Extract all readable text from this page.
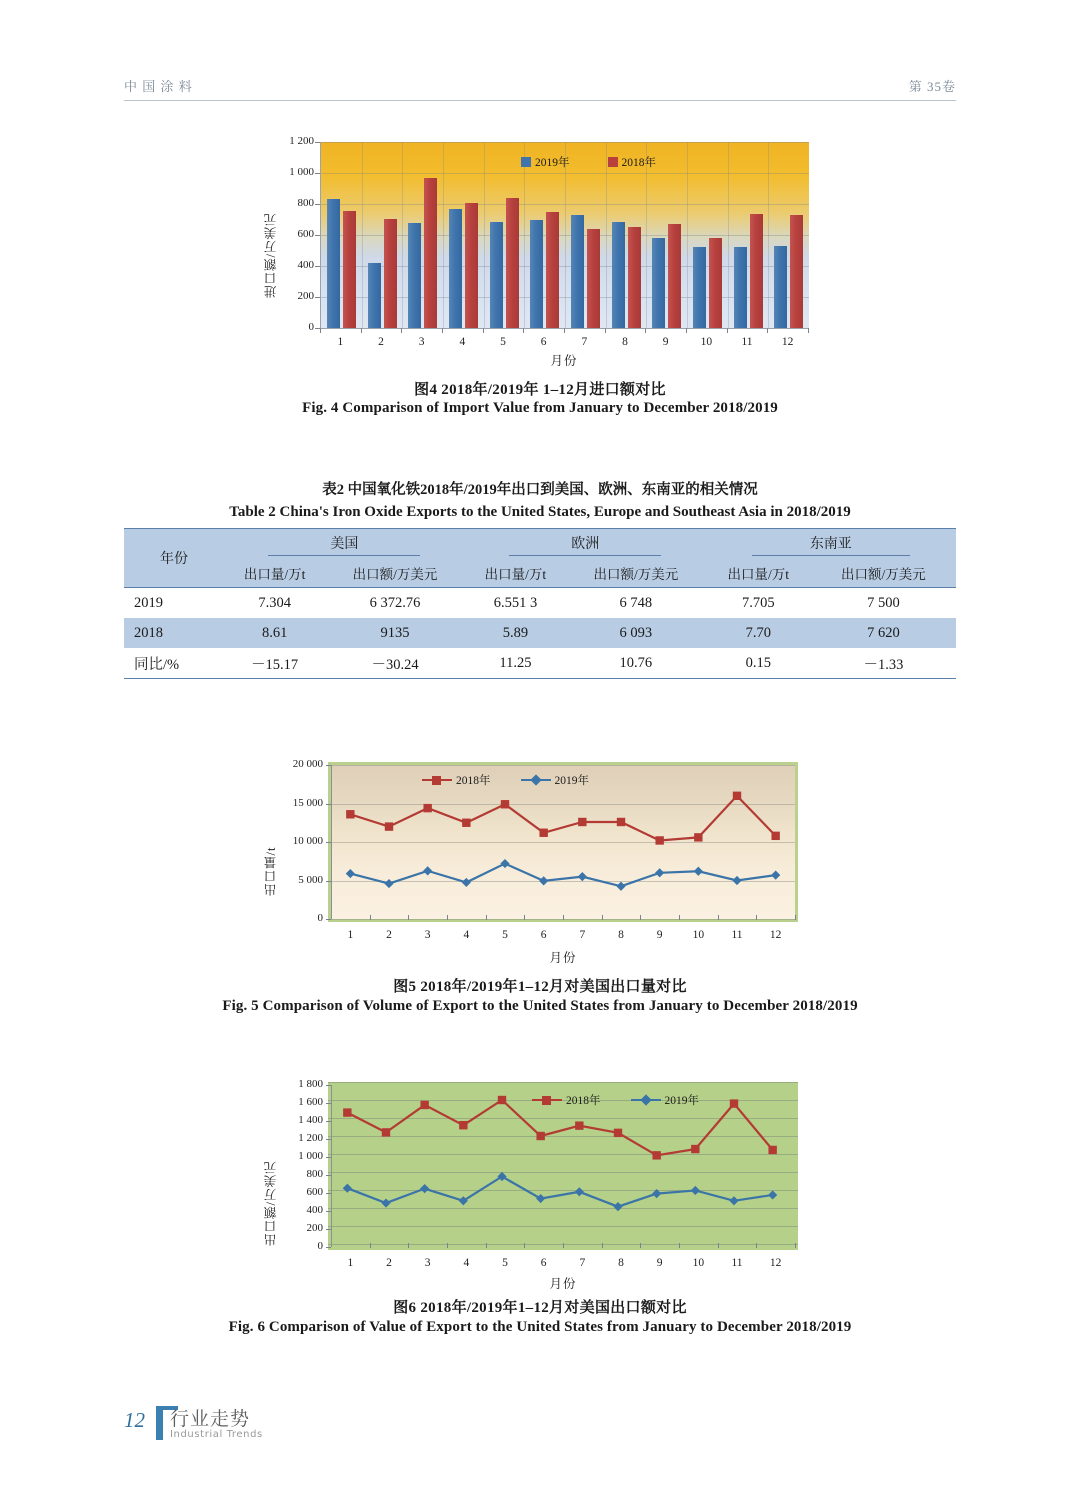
中 国 涂 料	第 35卷
进口额/万美元
2019年	2018年
0
200
400
600
800
1 000
1 200
1	2	3	4	5	6	7	8	9	10	11	12
月份
图4 2018年/2019年 1–12月进口额对比
Fig. 4 Comparison of Import Value from January to December 2018/2019
表2 中国氧化铁2018年/2019年出口到美国、欧洲、东南亚的相关情况
Table 2 China's Iron Oxide Exports to the United States, Europe and Southeast Asia in 2018/2019
年份	美国		欧洲		东南亚	
	出口量/万t	出口额/万美元	出口量/万t	出口额/万美元	出口量/万t	出口额/万美元
2019	7.304	6 372.76	6.551 3	6 748	7.705	7 500
2018	8.61	9135	5.89	6 093	7.70	7 620
同比/%	－15.17	－30.24	11.25	10.76	0.15	－1.33
出口量/t
0
5 000
10 000
15 000
20 000
1	2	3	4	5	6	7	8	9	10	11	12
2018年	2019年
月份
图5 2018年/2019年1–12月对美国出口量对比
Fig. 5 Comparison of Volume of Export to the United States from January to December 2018/2019
出口额/万美元	0
200
400
600
800
1 000
1 200
1 400
1 600
1 800
1	2	3	4	5	6	7	8	9	10	11	12
2018年	2019年
月份
图6 2018年/2019年1–12月对美国出口额对比
Fig. 6 Comparison of Value of Export to the United States from January to December 2018/2019
12 行业走势
Industrial Trends
